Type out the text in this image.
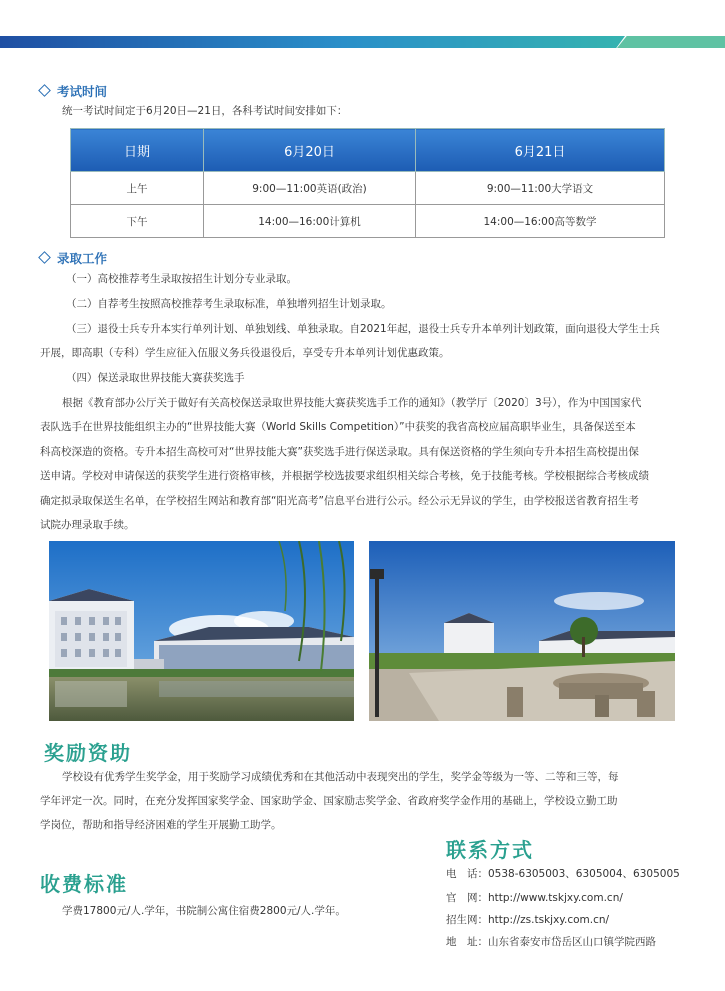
考试时间
统一考试时间定于6月20日—21日，各科考试时间安排如下：
日期	6月20日	6月21日
上午	9:00—11:00英语(政治)	9:00—11:00大学语文
下午	14:00—16:00计算机	14:00—16:00高等数学
录取工作
（一）高校推荐考生录取按招生计划分专业录取。
（二）自荐考生按照高校推荐考生录取标准，单独增列招生计划录取。
（三）退役士兵专升本实行单列计划、单独划线、单独录取。自2021年起，退役士兵专升本单列计划政策，面向退役大学生士兵
开展，即高职（专科）学生应征入伍服义务兵役退役后，享受专升本单列计划优惠政策。
（四）保送录取世界技能大赛获奖选手
根据《教育部办公厅关于做好有关高校保送录取世界技能大赛获奖选手工作的通知》（教学厅〔2020〕3号），作为中国国家代
表队选手在世界技能组织主办的“世界技能大赛（World Skills Competition）”中获奖的我省高校应届高职毕业生，具备保送至本
科高校深造的资格。专升本招生高校可对“世界技能大赛”获奖选手进行保送录取。具有保送资格的学生须向专升本招生高校提出保
送申请。学校对申请保送的获奖学生进行资格审核，并根据学校选拔要求组织相关综合考核，免于技能考核。学校根据综合考核成绩
确定拟录取保送生名单，在学校招生网站和教育部“阳光高考”信息平台进行公示。经公示无异议的学生，由学校报送省教育招生考
试院办理录取手续。
奖励资助
学校设有优秀学生奖学金，用于奖励学习成绩优秀和在其他活动中表现突出的学生，奖学金等级为一等、二等和三等，每
学年评定一次。同时，在充分发挥国家奖学金、国家助学金、国家励志奖学金、省政府奖学金作用的基础上，学校设立勤工助
学岗位，帮助和指导经济困难的学生开展勤工助学。
联系方式
电　话：0538-6305003、6305004、6305005
官　网：http://www.tskjxy.com.cn/
招生网：http://zs.tskjxy.com.cn/
地　址：山东省泰安市岱岳区山口镇学院西路
收费标准
学费17800元/人.学年，书院制公寓住宿费2800元/人.学年。
